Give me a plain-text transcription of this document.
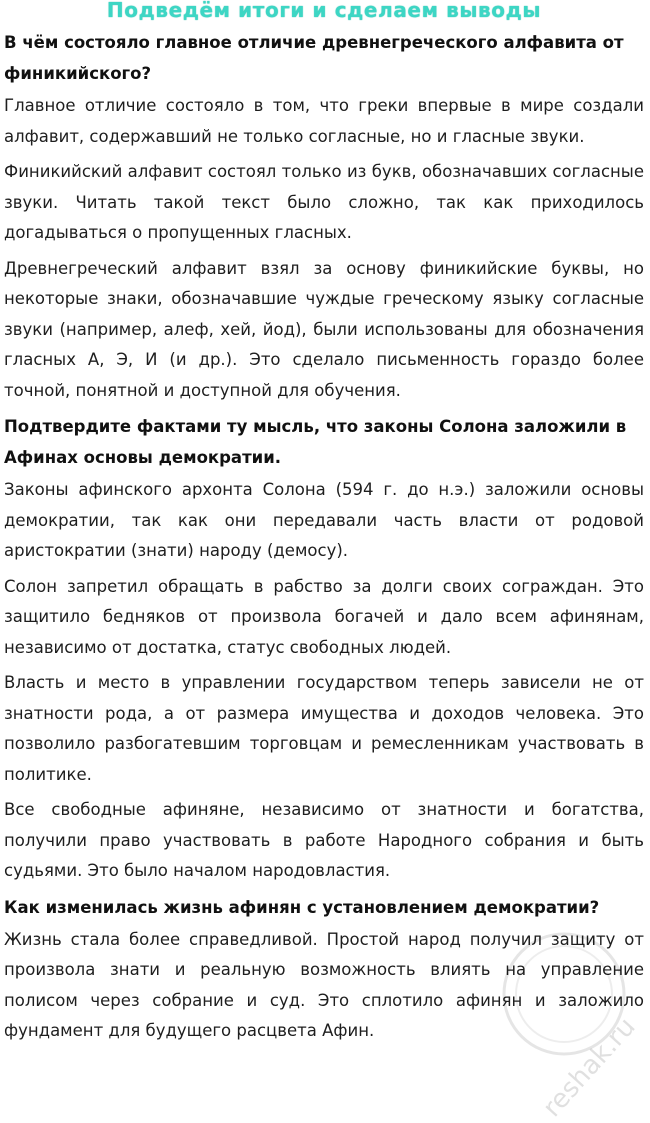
Подведём итоги и сделаем выводы
В чём состояло главное отличие древнегреческого алфавита от финикийского?

Главное отличие состояло в том, что греки впервые в мире создали алфавит, содержавший не только согласные, но и гласные звуки.

Финикийский алфавит состоял только из букв, обозначавших согласные звуки. Читать такой текст было сложно, так как приходилось догадываться о пропущенных гласных.

Древнегреческий алфавит взял за основу финикийские буквы, но некоторые знаки, обозначавшие чуждые греческому языку согласные звуки (например, алеф, хей, йод), были использованы для обозначения гласных А, Э, И (и др.). Это сделало письменность гораздо более точной, понятной и доступной для обучения.

Подтвердите фактами ту мысль, что законы Солона заложили в Афинах основы демократии.

Законы афинского архонта Солона (594 г. до н.э.) заложили основы демократии, так как они передавали часть власти от родовой аристократии (знати) народу (демосу).

Солон запретил обращать в рабство за долги своих сограждан. Это защитило бедняков от произвола богачей и дало всем афинянам, независимо от достатка, статус свободных людей.

Власть и место в управлении государством теперь зависели не от знатности рода, а от размера имущества и доходов человека. Это позволило разбогатевшим торговцам и ремесленникам участвовать в политике.

Все свободные афиняне, независимо от знатности и богатства, получили право участвовать в работе Народного собрания и быть судьями. Это было началом народовластия.

Как изменилась жизнь афинян с установлением демократии?

Жизнь стала более справедливой. Простой народ получил защиту от произвола знати и реальную возможность влиять на управление полисом через собрание и суд. Это сплотило афинян и заложило фундамент для будущего расцвета Афин.	reshak.ru
